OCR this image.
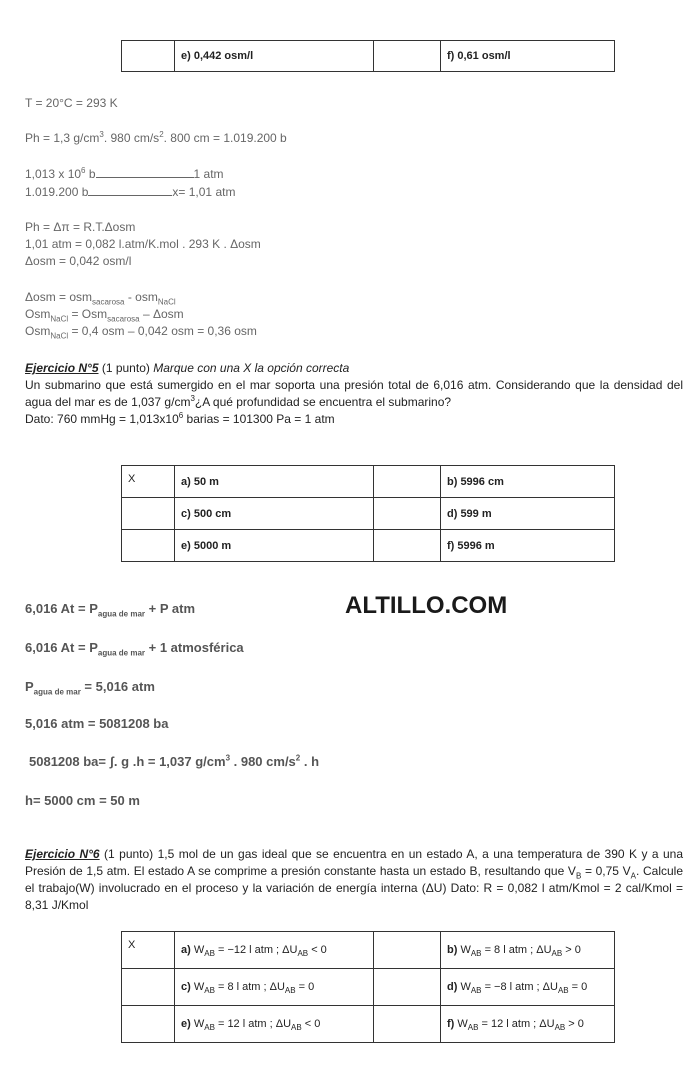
	e) 0,442 osm/l		f) 0,61 osm/l
T = 20°C = 293 K
Ph = 1,3 $g/cm^3$. 980 $cm/s^2$. 800 cm = 1.019.200 b
1,013 x $10^6$ b	1 atm
1.019.200 b	x= 1,01 atm
Ph = Δπ = R.T.Δosm
1,01 atm = 0,082 l.atm/K.mol . 293 K . Δosm
Δosm = 0,042 osm/l
Δosm = osm$_{sacarosa}$ - osm$_{NaCl}$
Osm$_{NaCl}$ = Osm$_{sacarosa}$ – Δosm
Osm$_{NaCl}$ = 0,4 osm – 0,042 osm = 0,36 osm
Ejercicio N°5 (1 punto) Marque con una X la opción correcta
Un submarino que está sumergido en el mar soporta una presión total de 6,016 atm. Considerando que la densidad del agua del mar es de 1,037 $g/cm^3¿A$ qué profundidad se encuentra el submarino?
Dato: 760 mmHg = $1,013x10^6$ barias = 101300 Pa = 1 atm
X	a) 50 m		b) 5996 cm
	c) 500 cm		d) 599 m
	e) 5000 m		f) 5996 m
6,016 $At = P_{agua de mar} + P$ atm	ALTILLO.COM
6,016 $At = P_{agua de mar} + 1$ atmosférica
$P_{agua de mar} = 5,016$ atm
5,016 atm = 5081208 ba
5081208 ba= ʃ. g .h = 1,037 $g/cm^3$ . 980 $cm/s^2$ . h
h= 5000 cm = 50 m
Ejercicio N°6 (1 punto) 1,5 mol de un gas ideal que se encuentra en un estado A, a una temperatura de 390 K y a una Presión de 1,5 atm. El estado A se comprime a presión constante hasta un estado B, resultando que $V_B = 0,75$ $V_A$. Calcule el trabajo(W) involucrado en el proceso y la variación de energía interna (ΔU) Dato: R = 0,082 l atm/Kmol = 2 cal/Kmol = 8,31 J/Kmol
X	a) $W_{AB} = -12$ l atm ; $\Delta U_{AB} < 0$		b) $W_{AB} = 8$ l atm ; $\Delta U_{AB} > 0$
	c) $W_{AB} = 8$ l atm ; $\Delta U_{AB} = 0$		d) $W_{AB} = -8$ l atm ; $\Delta U_{AB} = 0$
	e) $W_{AB} = 12$ l atm ; $\Delta U_{AB} < 0$		f) $W_{AB} = 12$ l atm ; $\Delta U_{AB} > 0$
